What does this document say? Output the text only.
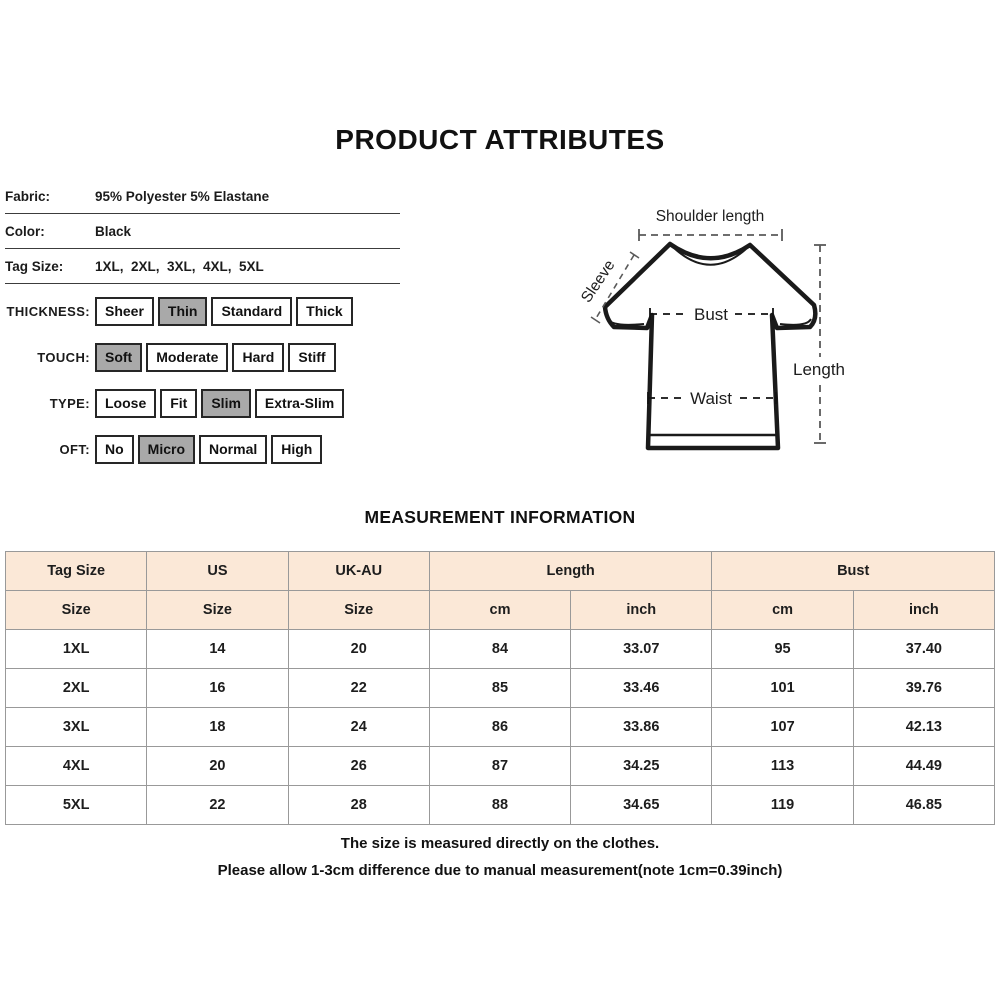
PRODUCT ATTRIBUTES
Fabric:	95% Polyester 5% Elastane
Color:	Black
Tag Size:	1XL,  2XL,  3XL,  4XL,  5XL
THICKNESS:	Sheer	Thin	Standard	Thick
TOUCH:	Soft	Moderate	Hard	Stiff
TYPE:	Loose	Fit	Slim	Extra-Slim
OFT:	No	Micro	Normal	High
Shoulder length
Sleeve
Bust
Waist
Length
MEASUREMENT INFORMATION
Tag Size	US	UK-AU	Length		Bust	
Size	Size	Size	cm	inch	cm	inch
1XL	14	20	84	33.07	95	37.40
2XL	16	22	85	33.46	101	39.76
3XL	18	24	86	33.86	107	42.13
4XL	20	26	87	34.25	113	44.49
5XL	22	28	88	34.65	119	46.85

The size is measured directly on the clothes.

Please allow 1-3cm difference due to manual measurement(note 1cm=0.39inch)
